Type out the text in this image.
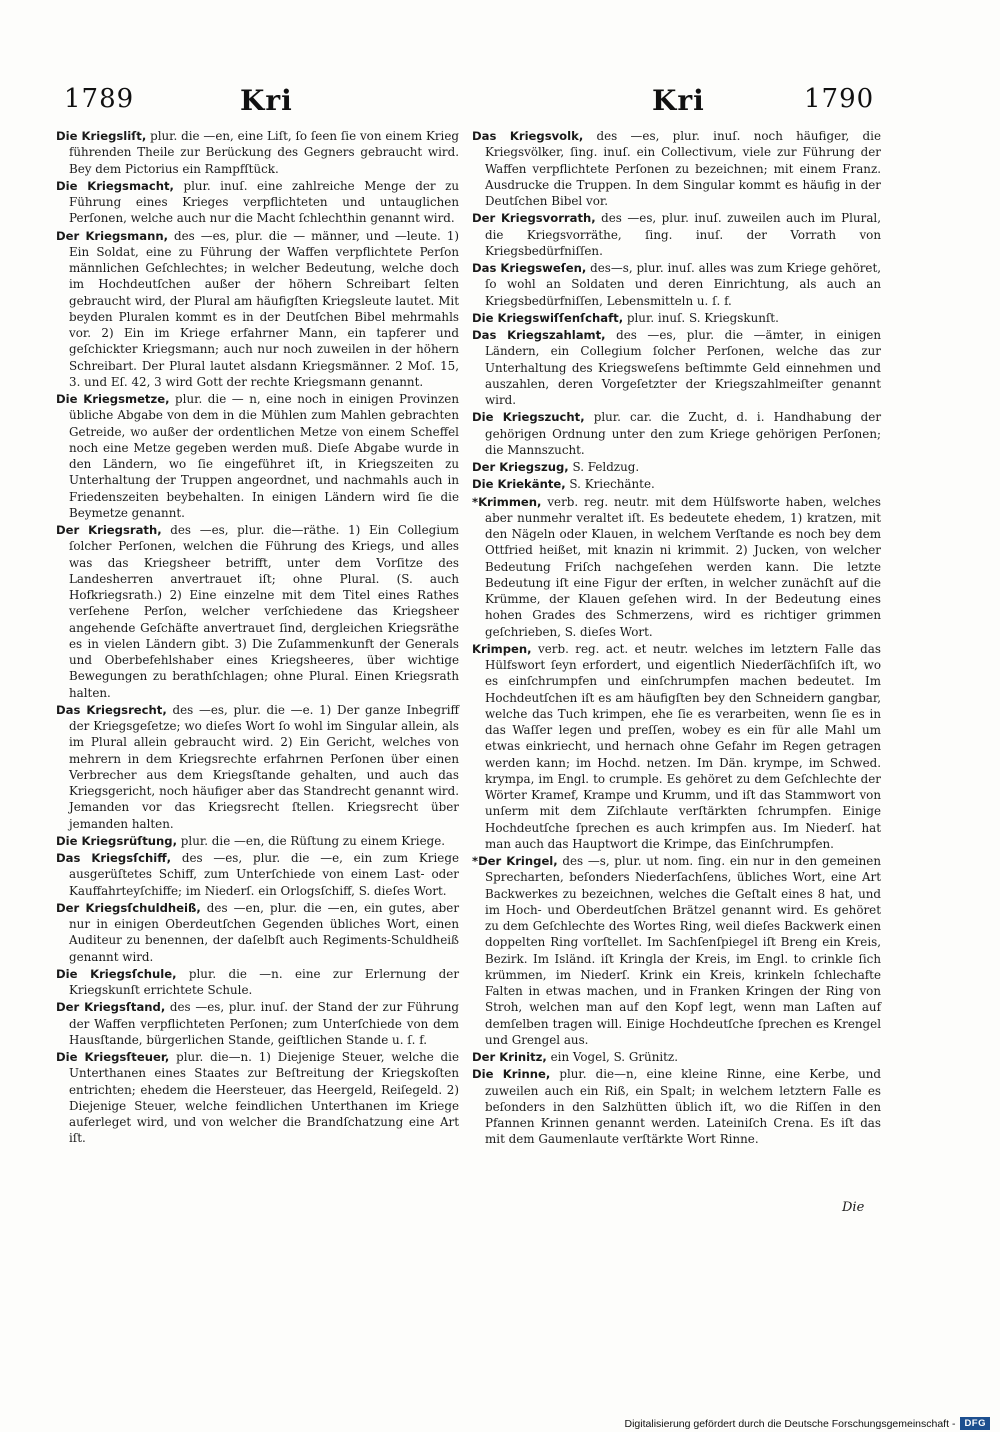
1789	Kri	Kri	1790

Die Kriegsliſt, plur. die —en, eine Liſt, ſo ſeen ſie von einem Krieg führenden Theile zur Berückung des Gegners gebraucht wird. Bey dem Pictorius ein Rampfſtück.

Die Kriegsmacht, plur. inuſ. eine zahlreiche Menge der zu Führung eines Krieges verpflichteten und untauglichen Perſonen, welche auch nur die Macht ſchlechthin genannt wird.

Der Kriegsmann, des —es, plur. die — männer, und —leute. 1) Ein Soldat, eine zu Führung der Waffen verpflichtete Perſon männlichen Geſchlechtes; in welcher Bedeutung, welche doch im Hochdeutſchen außer der höhern Schreibart ſelten gebraucht wird, der Plural am häufigſten Kriegsleute lautet. Mit beyden Pluralen kommt es in der Deutſchen Bibel mehrmahls vor. 2) Ein im Kriege erfahrner Mann, ein tapferer und geſchickter Kriegsmann; auch nur noch zuweilen in der höhern Schreibart. Der Plural lautet alsdann Kriegsmänner. 2 Moſ. 15, 3. und Eſ. 42, 3 wird Gott der rechte Kriegsmann genannt.

Die Kriegsmetze, plur. die — n, eine noch in einigen Provinzen übliche Abgabe von dem in die Mühlen zum Mahlen gebrachten Getreide, wo außer der ordentlichen Metze von einem Scheffel noch eine Metze gegeben werden muß. Dieſe Abgabe wurde in den Ländern, wo ſie eingeführet iſt, in Kriegszeiten zu Unterhaltung der Truppen angeordnet, und nachmahls auch in Friedenszeiten beybehalten. In einigen Ländern wird ſie die Beymetze genannt.

Der Kriegsrath, des —es, plur. die—räthe. 1) Ein Collegium ſolcher Perſonen, welchen die Führung des Kriegs, und alles was das Kriegsheer betrifft, unter dem Vorſitze des Landesherren anvertrauet iſt; ohne Plural. (S. auch Hofkriegsrath.) 2) Eine einzelne mit dem Titel eines Rathes verſehene Perſon, welcher verſchiedene das Kriegsheer angehende Geſchäfte anvertrauet ſind, dergleichen Kriegsräthe es in vielen Ländern gibt. 3) Die Zuſammenkunft der Generals und Oberbefehlshaber eines Kriegsheeres, über wichtige Bewegungen zu berathſchlagen; ohne Plural. Einen Kriegsrath halten.

Das Kriegsrecht, des —es, plur. die —e. 1) Der ganze Inbegriff der Kriegsgeſetze; wo dieſes Wort ſo wohl im Singular allein, als im Plural allein gebraucht wird. 2) Ein Gericht, welches von mehrern in dem Kriegsrechte erfahrnen Perſonen über einen Verbrecher aus dem Kriegsſtande gehalten, und auch das Kriegsgericht, noch häufiger aber das Standrecht genannt wird. Jemanden vor das Kriegsrecht ſtellen. Kriegsrecht über jemanden halten.

Die Kriegsrüſtung, plur. die —en, die Rüſtung zu einem Kriege.

Das Kriegsſchiff, des —es, plur. die —e, ein zum Kriege ausgerüſtetes Schiff, zum Unterſchiede von einem Last- oder Kauffahrteyſchiffe; im Niederſ. ein Orlogsſchiff, S. dieſes Wort.

Der Kriegsſchuldheiß, des —en, plur. die —en, ein gutes, aber nur in einigen Oberdeutſchen Gegenden übliches Wort, einen Auditeur zu benennen, der daſelbſt auch Regiments-Schuldheiß genannt wird.

Die Kriegsſchule, plur. die —n. eine zur Erlernung der Kriegskunſt errichtete Schule.

Der Kriegsſtand, des —es, plur. inuſ. der Stand der zur Führung der Waffen verpflichteten Perſonen; zum Unterſchiede von dem Hausſtande, bürgerlichen Stande, geiſtlichen Stande u. ſ. f.

Die Kriegsſteuer, plur. die—n. 1) Diejenige Steuer, welche die Unterthanen eines Staates zur Beſtreitung der Kriegskoſten entrichten; ehedem die Heersteuer, das Heergeld, Reiſegeld. 2) Diejenige Steuer, welche feindlichen Unterthanen im Kriege auferleget wird, und von welcher die Brandſchatzung eine Art iſt.

Das Kriegsvolk, des —es, plur. inuſ. noch häufiger, die Kriegsvölker, ſing. inuſ. ein Collectivum, viele zur Führung der Waffen verpflichtete Perſonen zu bezeichnen; mit einem Franz. Ausdrucke die Truppen. In dem Singular kommt es häufig in der Deutſchen Bibel vor.

Der Kriegsvorrath, des —es, plur. inuſ. zuweilen auch im Plural, die Kriegsvorräthe, ſing. inuſ. der Vorrath von Kriegsbedürfniſſen.

Das Kriegsweſen, des—s, plur. inuſ. alles was zum Kriege gehöret, ſo wohl an Soldaten und deren Einrichtung, als auch an Kriegsbedürfniſſen, Lebensmitteln u. ſ. f.

Die Kriegswiſſenſchaft, plur. inuſ. S. Kriegskunſt.

Das Kriegszahlamt, des —es, plur. die —ämter, in einigen Ländern, ein Collegium ſolcher Perſonen, welche das zur Unterhaltung des Kriegsweſens beſtimmte Geld einnehmen und auszahlen, deren Vorgeſetzter der Kriegszahlmeiſter genannt wird.

Die Kriegszucht, plur. car. die Zucht, d. i. Handhabung der gehörigen Ordnung unter den zum Kriege gehörigen Perſonen; die Mannszucht.

Der Kriegszug, S. Feldzug.

Die Kriekänte, S. Kriechänte.

*Krimmen, verb. reg. neutr. mit dem Hülfsworte haben, welches aber nunmehr veraltet iſt. Es bedeutete ehedem, 1) kratzen, mit den Nägeln oder Klauen, in welchem Verſtande es noch bey dem Ottfried heißet, mit knazin ni krimmit. 2) Jucken, von welcher Bedeutung Friſch nachgeſehen werden kann. Die letzte Bedeutung iſt eine Figur der erſten, in welcher zunächſt auf die Krümme, der Klauen geſehen wird. In der Bedeutung eines hohen Grades des Schmerzens, wird es richtiger grimmen geſchrieben, S. dieſes Wort.

Krimpen, verb. reg. act. et neutr. welches im letztern Falle das Hülfswort ſeyn erfordert, und eigentlich Niederſächſiſch iſt, wo es einſchrumpfen und einſchrumpfen machen bedeutet. Im Hochdeutſchen iſt es am häufigſten bey den Schneidern gangbar, welche das Tuch krimpen, ehe ſie es verarbeiten, wenn ſie es in das Waſſer legen und preſſen, wobey es ein für alle Mahl um etwas einkriecht, und hernach ohne Gefahr im Regen getragen werden kann; im Hochd. netzen. Im Dän. krympe, im Schwed. krympa, im Engl. to crumple. Es gehöret zu dem Geſchlechte der Wörter Kramef, Krampe und Krumm, und iſt das Stammwort von unſerm mit dem Ziſchlaute verſtärkten ſchrumpfen. Einige Hochdeutſche ſprechen es auch krimpfen aus. Im Niederſ. hat man auch das Hauptwort die Krimpe, das Einſchrumpfen.

*Der Kringel, des —s, plur. ut nom. ſing. ein nur in den gemeinen Sprecharten, beſonders Niederſachſens, übliches Wort, eine Art Backwerkes zu bezeichnen, welches die Geſtalt eines 8 hat, und im Hoch- und Oberdeutſchen Brätzel genannt wird. Es gehöret zu dem Geſchlechte des Wortes Ring, weil dieſes Backwerk einen doppelten Ring vorſtellet. Im Sachſenſpiegel iſt Breng ein Kreis, Bezirk. Im Isländ. iſt Kringla der Kreis, im Engl. to crinkle ſich krümmen, im Niederſ. Krink ein Kreis, krinkeln ſchlechafte Falten in etwas machen, und in Franken Kringen der Ring von Stroh, welchen man auf den Kopf legt, wenn man Laſten auf demſelben tragen will. Einige Hochdeutſche ſprechen es Krengel und Grengel aus.

Der Krinitz, ein Vogel, S. Grünitz.

Die Krinne, plur. die—n, eine kleine Rinne, eine Kerbe, und zuweilen auch ein Riß, ein Spalt; in welchem letztern Falle es beſonders in den Salzhütten üblich iſt, wo die Riſſen in den Pfannen Krinnen genannt werden. Lateiniſch Crena. Es iſt das mit dem Gaumenlaute verſtärkte Wort Rinne.

Die
Digitalisierung gefördert durch die Deutsche Forschungsgemeinschaft - DFG
